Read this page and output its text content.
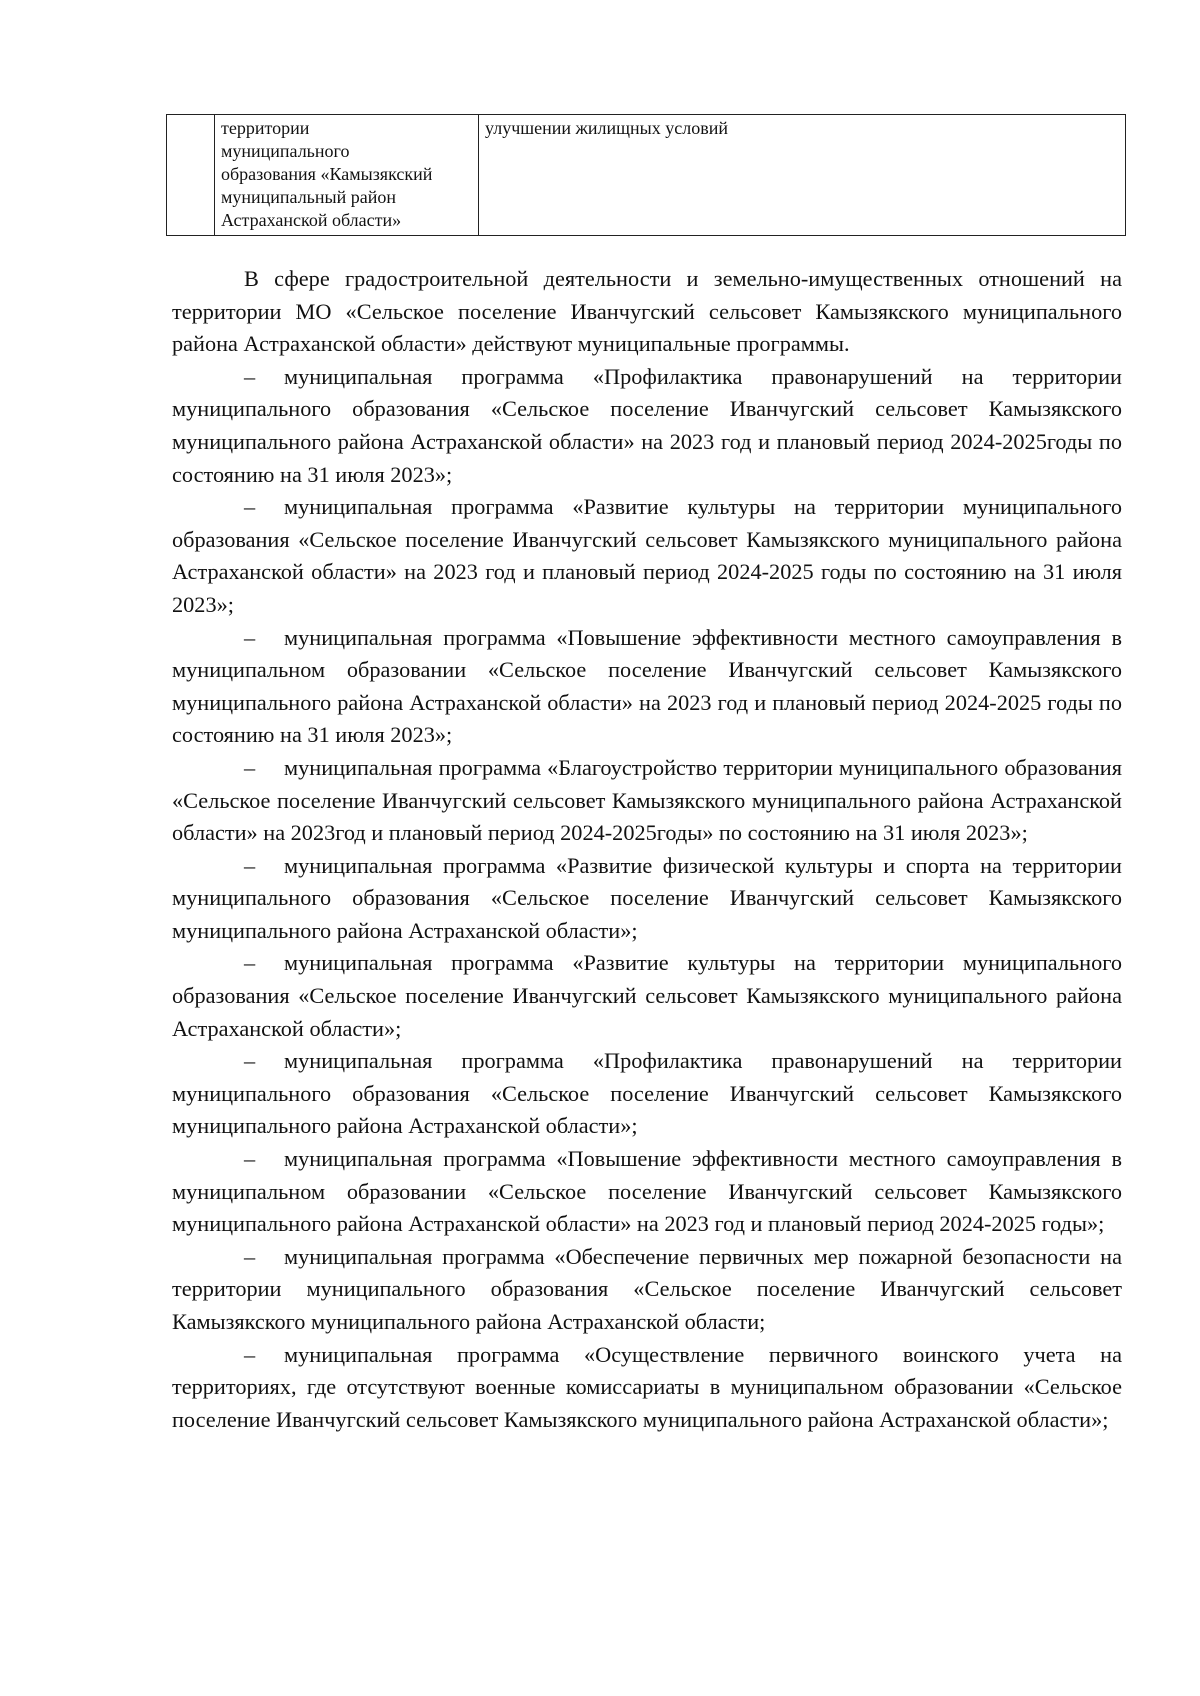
	территории
муниципального
образования «Камызякский
муниципальный район
Астраханской области»	улучшении жилищных условий

В сфере градостроительной деятельности и земельно-имущественных отношений на территории МО «Сельское поселение Иванчугский сельсовет Камызякского муниципального района Астраханской области» действуют муниципальные программы.

– муниципальная программа «Профилактика правонарушений на территории муниципального образования «Сельское поселение Иванчугский сельсовет Камызякского муниципального района Астраханской области» на 2023 год и плановый период 2024-2025годы по состоянию на 31 июля 2023»;

– муниципальная программа «Развитие культуры на территории муниципального образования «Сельское поселение Иванчугский сельсовет Камызякского муниципального района Астраханской области» на 2023 год и плановый период 2024-2025 годы по состоянию на 31 июля 2023»;

– муниципальная программа «Повышение эффективности местного самоуправления в муниципальном образовании «Сельское поселение Иванчугский сельсовет Камызякского муниципального района Астраханской области» на 2023 год и плановый период 2024-2025 годы по состоянию на 31 июля 2023»;

– муниципальная программа «Благоустройство территории муниципального образования «Сельское поселение Иванчугский сельсовет Камызякского муниципального района Астраханской области» на 2023год и плановый период 2024-2025годы» по состоянию на 31 июля 2023»;

– муниципальная программа «Развитие физической культуры и спорта на территории муниципального образования «Сельское поселение Иванчугский сельсовет Камызякского муниципального района Астраханской области»;

– муниципальная программа «Развитие культуры на территории муниципального образования «Сельское поселение Иванчугский сельсовет Камызякского муниципального района Астраханской области»;

– муниципальная программа «Профилактика правонарушений на территории муниципального образования «Сельское поселение Иванчугский сельсовет Камызякского муниципального района Астраханской области»;

– муниципальная программа «Повышение эффективности местного самоуправления в муниципальном образовании «Сельское поселение Иванчугский сельсовет Камызякского муниципального района Астраханской области» на 2023 год и плановый период 2024-2025 годы»;

– муниципальная программа «Обеспечение первичных мер пожарной безопасности на территории муниципального образования «Сельское поселение Иванчугский сельсовет Камызякского муниципального района Астраханской области;

– муниципальная программа «Осуществление первичного воинского учета на территориях, где отсутствуют военные комиссариаты в муниципальном образовании «Сельское поселение Иванчугский сельсовет Камызякского муниципального района Астраханской области»;
